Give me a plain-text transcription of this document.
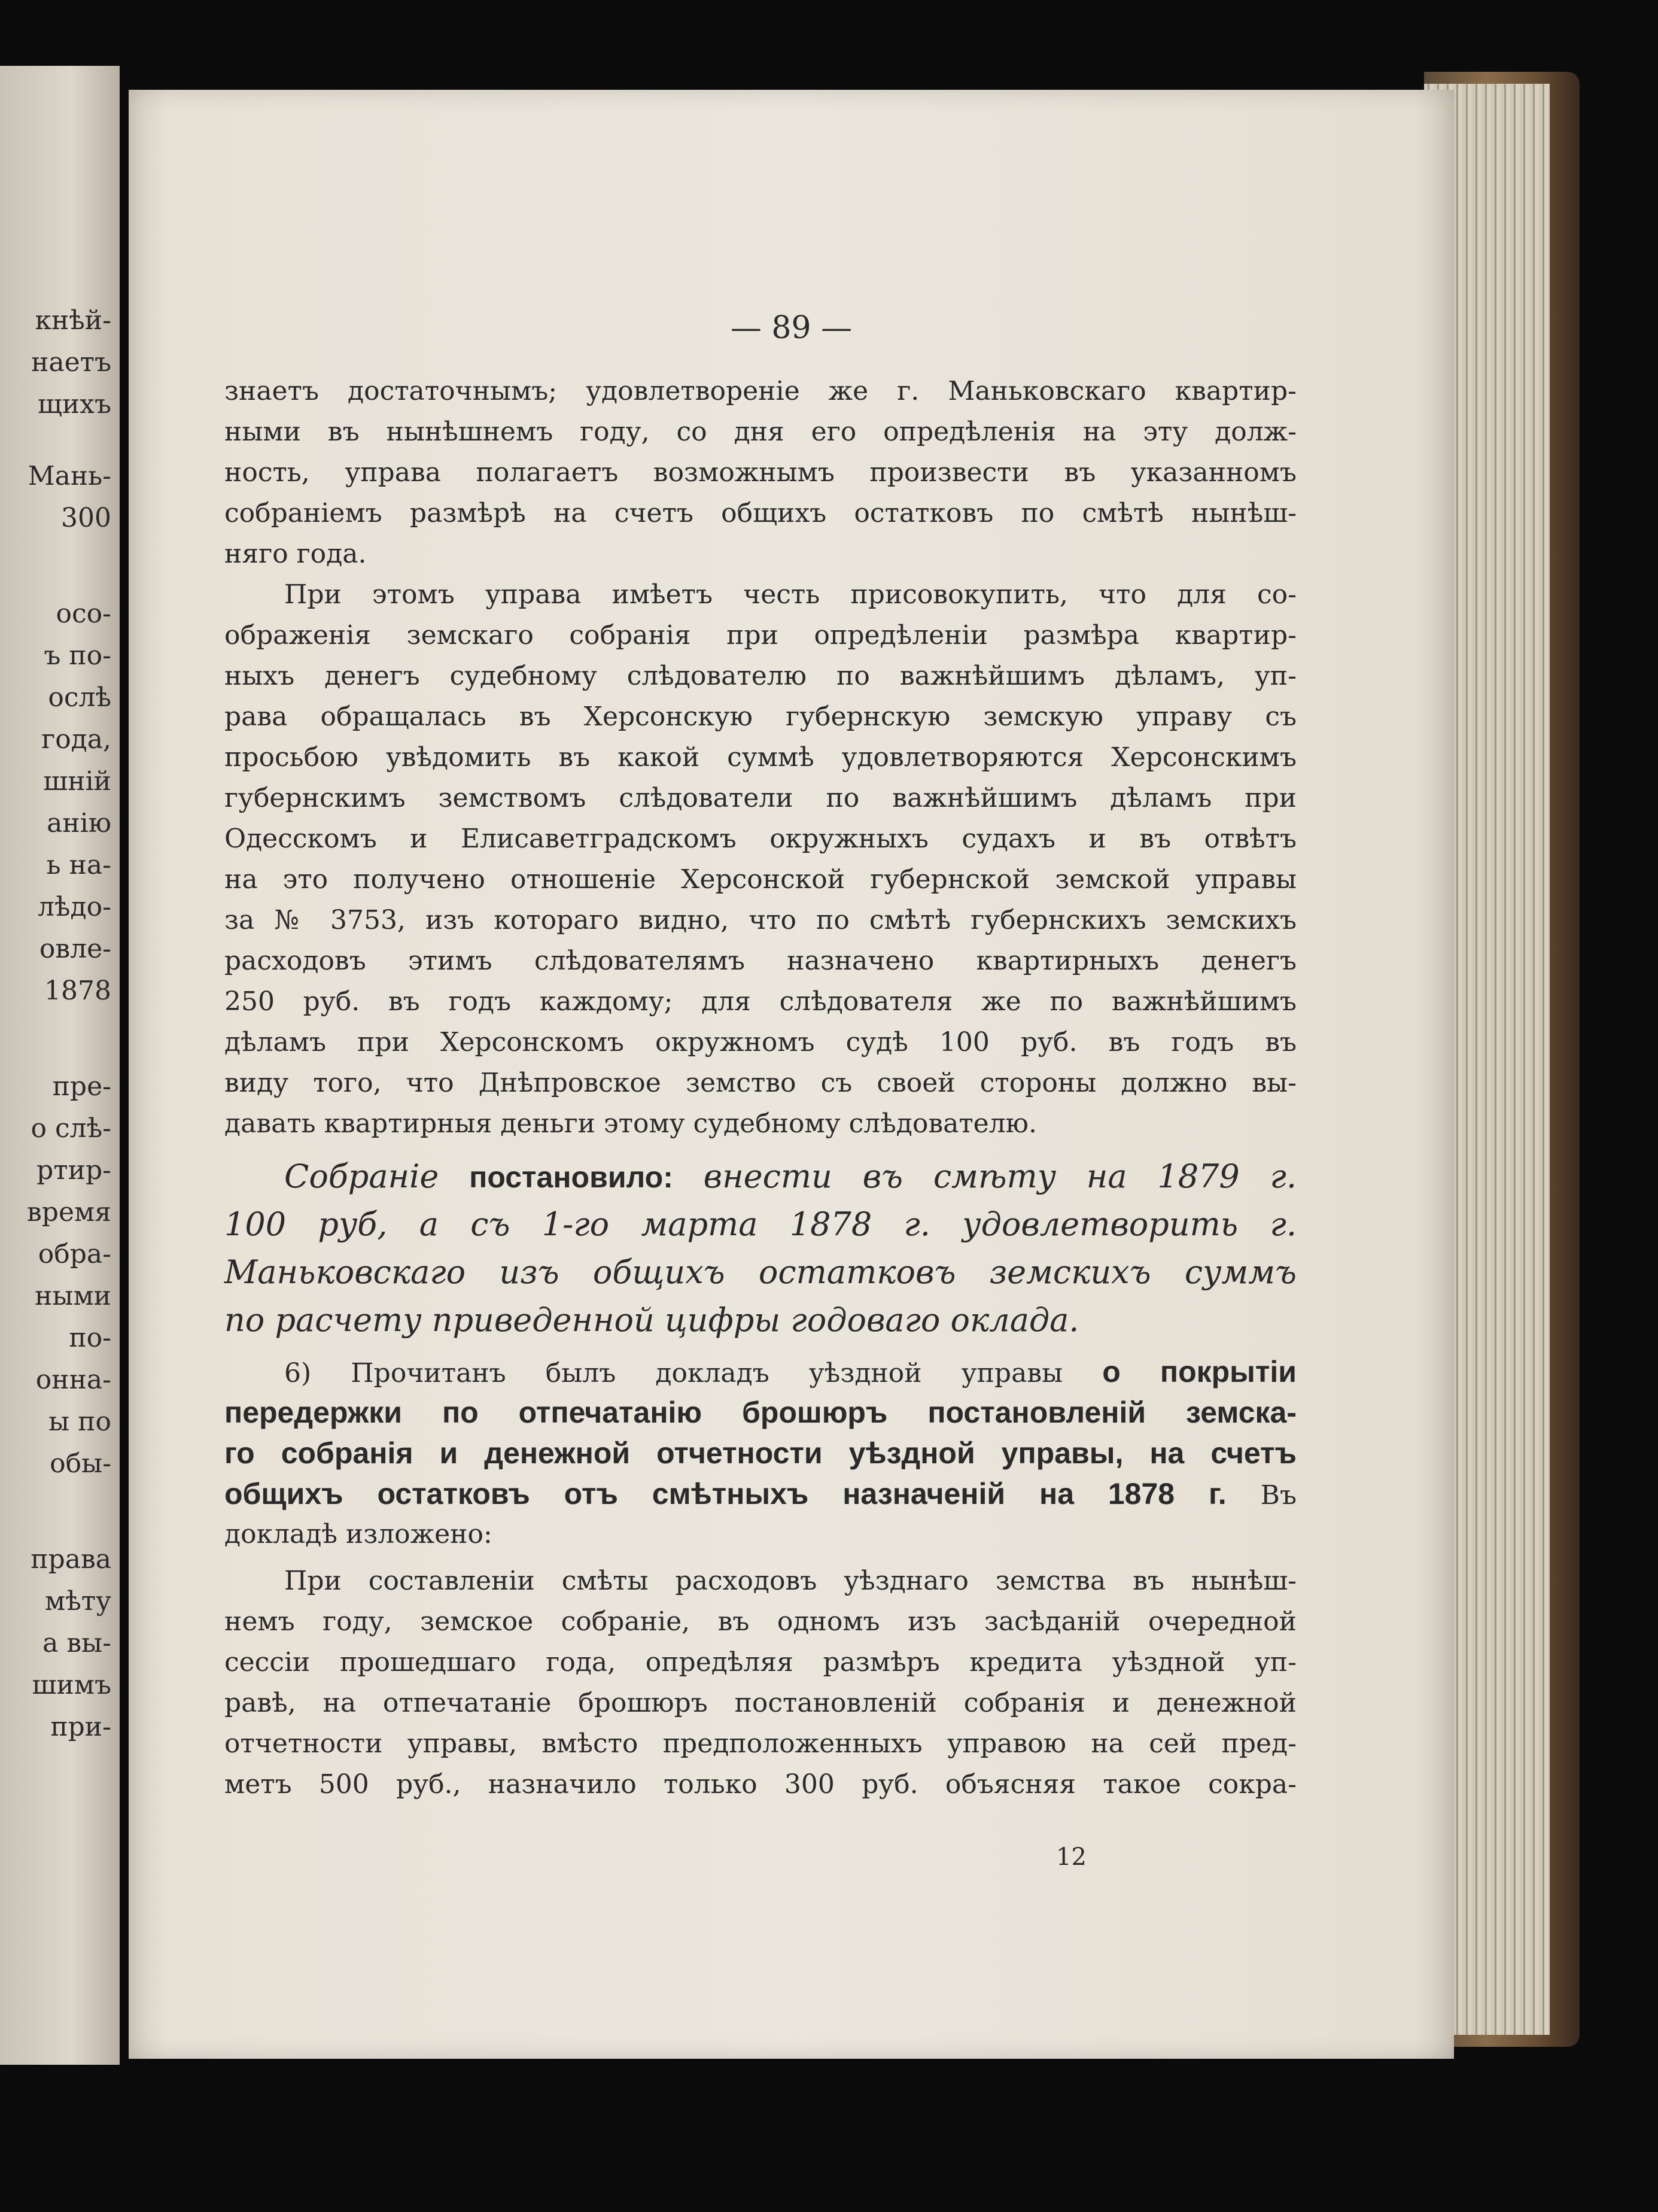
кнѣй-
наетъ
щихъ
Мань-
300
осо-
ъ по-
ослѣ
года,
шній
анію
ь на-
лѣдо-
овле-
1878
пре-
о слѣ-
ртир-
время
обра-
ными
по-
онна-
ы по
обы-
права
мѣту
а вы-
шимъ
при-
— 89 —
знаетъ достаточнымъ; удовлетвореніе же г. Маньковскаго квартир-
ными въ нынѣшнемъ году, со дня его опредѣленія на эту долж-
ность, управа полагаетъ возможнымъ произвести въ указанномъ
собраніемъ размѣрѣ на счетъ общихъ остатковъ по смѣтѣ нынѣш-
няго года.
При этомъ управа имѣетъ честь присовокупить, что для со-
ображенія земскаго собранія при опредѣленіи размѣра квартир-
ныхъ денегъ судебному слѣдователю по важнѣйшимъ дѣламъ, уп-
рава обращалась въ Херсонскую губернскую земскую управу съ
просьбою увѣдомить въ какой суммѣ удовлетворяются Херсонскимъ
губернскимъ земствомъ слѣдователи по важнѣйшимъ дѣламъ при
Одесскомъ и Елисаветградскомъ окружныхъ судахъ и въ отвѣтъ
на это получено отношеніе Херсонской губернской земской управы
за № 3753, изъ котораго видно, что по смѣтѣ губернскихъ земскихъ
расходовъ этимъ слѣдователямъ назначено квартирныхъ денегъ
250 руб. въ годъ каждому; для слѣдователя же по важнѣйшимъ
дѣламъ при Херсонскомъ окружномъ судѣ 100 руб. въ годъ въ
виду того, что Днѣпровское земство съ своей стороны должно вы-
давать квартирныя деньги этому судебному слѣдователю.
Собраніе постановило: внести въ смѣту на 1879 г.
100 руб, а съ 1-го марта 1878 г. удовлетворить г.
Маньковскаго изъ общихъ остатковъ земскихъ суммъ
по расчету приведенной цифры годоваго оклада.
6) Прочитанъ былъ докладъ уѣздной управы о покрытіи
передержки по отпечатанію брошюръ постановленій земска-
го собранія и денежной отчетности уѣздной управы, на счетъ
общихъ остатковъ отъ смѣтныхъ назначеній на 1878 г. Въ
докладѣ изложено:
При составленіи смѣты расходовъ уѣзднаго земства въ нынѣш-
немъ году, земское собраніе, въ одномъ изъ засѣданій очередной
сессіи прошедшаго года, опредѣляя размѣръ кредита уѣздной уп-
равѣ, на отпечатаніе брошюръ постановленій собранія и денежной
отчетности управы, вмѣсто предположенныхъ управою на сей пред-
метъ 500 руб., назначило только 300 руб. объясняя такое сокра-
12
